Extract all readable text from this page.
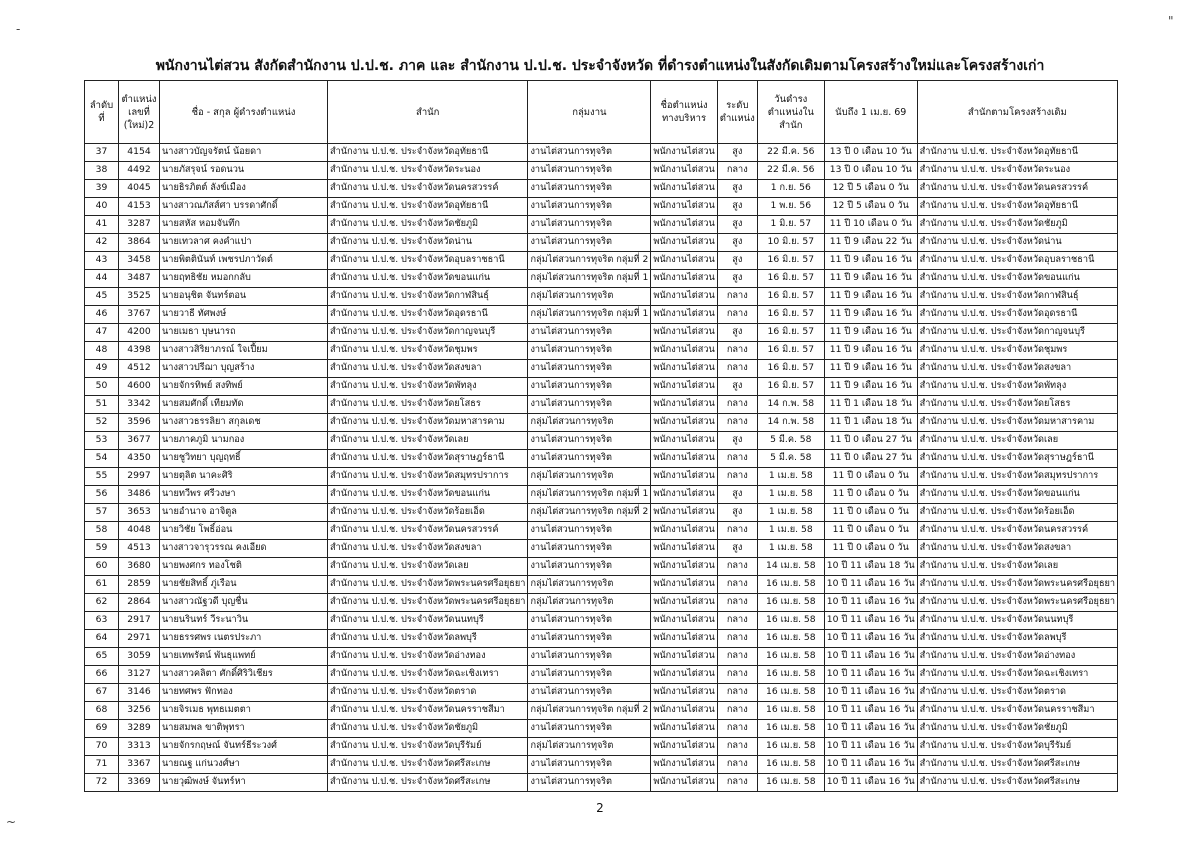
-
"
~
พนักงานไต่สวน สังกัดสำนักงาน ป.ป.ช. ภาค และ สำนักงาน ป.ป.ช. ประจำจังหวัด ที่ดำรงตำแหน่งในสังกัดเดิมตามโครงสร้างใหม่และโครงสร้างเก่า
ลำดับที่	ตำแหน่ง เลขที่ (ใหม่)2	ชื่อ - สกุล ผู้ดำรงตำแหน่ง	สำนัก	กลุ่มงาน	ชื่อตำแหน่ง ทางบริหาร	ระดับ ตำแหน่ง	วันดำรง ตำแหน่งใน สำนัก	นับถึง 1 เม.ย. 69	สำนักตามโครงสร้างเดิม
37	4154	นางสาวบัญจรัตน์ น้อยดา	สำนักงาน ป.ป.ช. ประจำจังหวัดอุทัยธานี	งานไต่สวนการทุจริต	พนักงานไต่สวน	สูง	22 มี.ค. 56	13 ปี 0 เดือน 10 วัน	สำนักงาน ป.ป.ช. ประจำจังหวัดอุทัยธานี
38	4492	นายภัสรุจน์ รอดนวน	สำนักงาน ป.ป.ช. ประจำจังหวัดระนอง	งานไต่สวนการทุจริต	พนักงานไต่สวน	กลาง	22 มี.ค. 56	13 ปี 0 เดือน 10 วัน	สำนักงาน ป.ป.ช. ประจำจังหวัดระนอง
39	4045	นายธิรภิตต์ ลังข์เมือง	สำนักงาน ป.ป.ช. ประจำจังหวัดนครสวรรค์	งานไต่สวนการทุจริต	พนักงานไต่สวน	สูง	1 ก.ย. 56	12 ปี 5 เดือน 0 วัน	สำนักงาน ป.ป.ช. ประจำจังหวัดนครสวรรค์
40	4153	นางสาวณภัสส์ศา บรรดาศักดิ์	สำนักงาน ป.ป.ช. ประจำจังหวัดอุทัยธานี	งานไต่สวนการทุจริต	พนักงานไต่สวน	สูง	1 พ.ย. 56	12 ปี 5 เดือน 0 วัน	สำนักงาน ป.ป.ช. ประจำจังหวัดอุทัยธานี
41	3287	นายสหัส หอมจันทึก	สำนักงาน ป.ป.ช. ประจำจังหวัดชัยภูมิ	งานไต่สวนการทุจริต	พนักงานไต่สวน	สูง	1 มิ.ย. 57	11 ปี 10 เดือน 0 วัน	สำนักงาน ป.ป.ช. ประจำจังหวัดชัยภูมิ
42	3864	นายเทวลาศ คงคำแปา	สำนักงาน ป.ป.ช. ประจำจังหวัดน่าน	งานไต่สวนการทุจริต	พนักงานไต่สวน	สูง	10 มิ.ย. 57	11 ปี 9 เดือน 22 วัน	สำนักงาน ป.ป.ช. ประจำจังหวัดน่าน
43	3458	นายพิตตินันท์ เพชรปภาวัดต์	สำนักงาน ป.ป.ช. ประจำจังหวัดอุบลราชธานี	กลุ่มไต่สวนการทุจริต กลุ่มที่ 2	พนักงานไต่สวน	สูง	16 มิ.ย. 57	11 ปี 9 เดือน 16 วัน	สำนักงาน ป.ป.ช. ประจำจังหวัดอุบลราชธานี
44	3487	นายฤทธิชัย หมอกกลับ	สำนักงาน ป.ป.ช. ประจำจังหวัดขอนแก่น	กลุ่มไต่สวนการทุจริต กลุ่มที่ 1	พนักงานไต่สวน	สูง	16 มิ.ย. 57	11 ปี 9 เดือน 16 วัน	สำนักงาน ป.ป.ช. ประจำจังหวัดขอนแก่น
45	3525	นายอนุชิต จันทร์ตอน	สำนักงาน ป.ป.ช. ประจำจังหวัดกาฬสินธุ์	กลุ่มไต่สวนการทุจริต	พนักงานไต่สวน	กลาง	16 มิ.ย. 57	11 ปี 9 เดือน 16 วัน	สำนักงาน ป.ป.ช. ประจำจังหวัดกาฬสินธุ์
46	3767	นายวาธี ทัศพงษ์	สำนักงาน ป.ป.ช. ประจำจังหวัดอุดรธานี	กลุ่มไต่สวนการทุจริต กลุ่มที่ 1	พนักงานไต่สวน	กลาง	16 มิ.ย. 57	11 ปี 9 เดือน 16 วัน	สำนักงาน ป.ป.ช. ประจำจังหวัดอุดรธานี
47	4200	นายเมธา บุษนารถ	สำนักงาน ป.ป.ช. ประจำจังหวัดกาญจนบุรี	งานไต่สวนการทุจริต	พนักงานไต่สวน	สูง	16 มิ.ย. 57	11 ปี 9 เดือน 16 วัน	สำนักงาน ป.ป.ช. ประจำจังหวัดกาญจนบุรี
48	4398	นางสาวสิริยาภรณ์ ใจเปี้ยม	สำนักงาน ป.ป.ช. ประจำจังหวัดชุมพร	งานไต่สวนการทุจริต	พนักงานไต่สวน	กลาง	16 มิ.ย. 57	11 ปี 9 เดือน 16 วัน	สำนักงาน ป.ป.ช. ประจำจังหวัดชุมพร
49	4512	นางสาวปรีฌา บุญสร้าง	สำนักงาน ป.ป.ช. ประจำจังหวัดสงขลา	งานไต่สวนการทุจริต	พนักงานไต่สวน	กลาง	16 มิ.ย. 57	11 ปี 9 เดือน 16 วัน	สำนักงาน ป.ป.ช. ประจำจังหวัดสงขลา
50	4600	นายจักรทิพย์ สงทิพย์	สำนักงาน ป.ป.ช. ประจำจังหวัดพัทลุง	งานไต่สวนการทุจริต	พนักงานไต่สวน	สูง	16 มิ.ย. 57	11 ปี 9 เดือน 16 วัน	สำนักงาน ป.ป.ช. ประจำจังหวัดพัทลุง
51	3342	นายสมศักดิ์ เทียมทัด	สำนักงาน ป.ป.ช. ประจำจังหวัดยโสธร	งานไต่สวนการทุจริต	พนักงานไต่สวน	กลาง	14 ก.พ. 58	11 ปี 1 เดือน 18 วัน	สำนักงาน ป.ป.ช. ประจำจังหวัดยโสธร
52	3596	นางสาวธรรลิยา สกุลเดช	สำนักงาน ป.ป.ช. ประจำจังหวัดมหาสารคาม	กลุ่มไต่สวนการทุจริต	พนักงานไต่สวน	กลาง	14 ก.พ. 58	11 ปี 1 เดือน 18 วัน	สำนักงาน ป.ป.ช. ประจำจังหวัดมหาสารคาม
53	3677	นายภาคภูมิ นามกอง	สำนักงาน ป.ป.ช. ประจำจังหวัดเลย	งานไต่สวนการทุจริต	พนักงานไต่สวน	สูง	5 มี.ค. 58	11 ปี 0 เดือน 27 วัน	สำนักงาน ป.ป.ช. ประจำจังหวัดเลย
54	4350	นายชูวิทยา บุญฤทธิ์	สำนักงาน ป.ป.ช. ประจำจังหวัดสุราษฎร์ธานี	งานไต่สวนการทุจริต	พนักงานไต่สวน	กลาง	5 มี.ค. 58	11 ปี 0 เดือน 27 วัน	สำนักงาน ป.ป.ช. ประจำจังหวัดสุราษฎร์ธานี
55	2997	นายตุลิต นาคะศิริ	สำนักงาน ป.ป.ช. ประจำจังหวัดสมุทรปราการ	กลุ่มไต่สวนการทุจริต	พนักงานไต่สวน	กลาง	1 เม.ย. 58	11 ปี 0 เดือน 0 วัน	สำนักงาน ป.ป.ช. ประจำจังหวัดสมุทรปราการ
56	3486	นายทวีพร ศรีวงษา	สำนักงาน ป.ป.ช. ประจำจังหวัดขอนแก่น	กลุ่มไต่สวนการทุจริต กลุ่มที่ 1	พนักงานไต่สวน	สูง	1 เม.ย. 58	11 ปี 0 เดือน 0 วัน	สำนักงาน ป.ป.ช. ประจำจังหวัดขอนแก่น
57	3653	นายอำนาจ อาจิตูล	สำนักงาน ป.ป.ช. ประจำจังหวัดร้อยเอ็ด	กลุ่มไต่สวนการทุจริต กลุ่มที่ 2	พนักงานไต่สวน	สูง	1 เม.ย. 58	11 ปี 0 เดือน 0 วัน	สำนักงาน ป.ป.ช. ประจำจังหวัดร้อยเอ็ด
58	4048	นายวิชัย โพธิ์อ่อน	สำนักงาน ป.ป.ช. ประจำจังหวัดนครสวรรค์	งานไต่สวนการทุจริต	พนักงานไต่สวน	กลาง	1 เม.ย. 58	11 ปี 0 เดือน 0 วัน	สำนักงาน ป.ป.ช. ประจำจังหวัดนครสวรรค์
59	4513	นางสาวจารุวรรณ คงเอียด	สำนักงาน ป.ป.ช. ประจำจังหวัดสงขลา	งานไต่สวนการทุจริต	พนักงานไต่สวน	สูง	1 เม.ย. 58	11 ปี 0 เดือน 0 วัน	สำนักงาน ป.ป.ช. ประจำจังหวัดสงขลา
60	3680	นายพงศกร ทองโชติ	สำนักงาน ป.ป.ช. ประจำจังหวัดเลย	งานไต่สวนการทุจริต	พนักงานไต่สวน	กลาง	14 เม.ย. 58	10 ปี 11 เดือน 18 วัน	สำนักงาน ป.ป.ช. ประจำจังหวัดเลย
61	2859	นายชัยสิทธิ์ ภู่เรือน	สำนักงาน ป.ป.ช. ประจำจังหวัดพระนครศรีอยุธยา	กลุ่มไต่สวนการทุจริต	พนักงานไต่สวน	กลาง	16 เม.ย. 58	10 ปี 11 เดือน 16 วัน	สำนักงาน ป.ป.ช. ประจำจังหวัดพระนครศรีอยุธยา
62	2864	นางสาวณัฐวดี บุญชื่น	สำนักงาน ป.ป.ช. ประจำจังหวัดพระนครศรีอยุธยา	กลุ่มไต่สวนการทุจริต	พนักงานไต่สวน	กลาง	16 เม.ย. 58	10 ปี 11 เดือน 16 วัน	สำนักงาน ป.ป.ช. ประจำจังหวัดพระนครศรีอยุธยา
63	2917	นายนรินทร์ วีระนาวิน	สำนักงาน ป.ป.ช. ประจำจังหวัดนนทบุรี	งานไต่สวนการทุจริต	พนักงานไต่สวน	กลาง	16 เม.ย. 58	10 ปี 11 เดือน 16 วัน	สำนักงาน ป.ป.ช. ประจำจังหวัดนนทบุรี
64	2971	นายธรรศพร เนตรประภา	สำนักงาน ป.ป.ช. ประจำจังหวัดลพบุรี	งานไต่สวนการทุจริต	พนักงานไต่สวน	กลาง	16 เม.ย. 58	10 ปี 11 เดือน 16 วัน	สำนักงาน ป.ป.ช. ประจำจังหวัดลพบุรี
65	3059	นายเทพรัตน์ พันธุแพทย์	สำนักงาน ป.ป.ช. ประจำจังหวัดอ่างทอง	งานไต่สวนการทุจริต	พนักงานไต่สวน	กลาง	16 เม.ย. 58	10 ปี 11 เดือน 16 วัน	สำนักงาน ป.ป.ช. ประจำจังหวัดอ่างทอง
66	3127	นางสาวคลิตา ศักดิ์ศิริวิเชียร	สำนักงาน ป.ป.ช. ประจำจังหวัดฉะเชิงเทรา	งานไต่สวนการทุจริต	พนักงานไต่สวน	กลาง	16 เม.ย. 58	10 ปี 11 เดือน 16 วัน	สำนักงาน ป.ป.ช. ประจำจังหวัดฉะเชิงเทรา
67	3146	นายทศพร ฟักทอง	สำนักงาน ป.ป.ช. ประจำจังหวัดตราด	งานไต่สวนการทุจริต	พนักงานไต่สวน	กลาง	16 เม.ย. 58	10 ปี 11 เดือน 16 วัน	สำนักงาน ป.ป.ช. ประจำจังหวัดตราด
68	3256	นายจิรเมธ พุทธเมตตา	สำนักงาน ป.ป.ช. ประจำจังหวัดนครราชสีมา	กลุ่มไต่สวนการทุจริต กลุ่มที่ 2	พนักงานไต่สวน	กลาง	16 เม.ย. 58	10 ปี 11 เดือน 16 วัน	สำนักงาน ป.ป.ช. ประจำจังหวัดนครราชสีมา
69	3289	นายสมพล ขาติพุทรา	สำนักงาน ป.ป.ช. ประจำจังหวัดชัยภูมิ	งานไต่สวนการทุจริต	พนักงานไต่สวน	กลาง	16 เม.ย. 58	10 ปี 11 เดือน 16 วัน	สำนักงาน ป.ป.ช. ประจำจังหวัดชัยภูมิ
70	3313	นายจักรกฤษณ์ จันทร์ธีระวงศ์	สำนักงาน ป.ป.ช. ประจำจังหวัดบุรีรัมย์	กลุ่มไต่สวนการทุจริต	พนักงานไต่สวน	กลาง	16 เม.ย. 58	10 ปี 11 เดือน 16 วัน	สำนักงาน ป.ป.ช. ประจำจังหวัดบุรีรัมย์
71	3367	นายณฐ แก่นวงศ์ษา	สำนักงาน ป.ป.ช. ประจำจังหวัดศรีสะเกษ	งานไต่สวนการทุจริต	พนักงานไต่สวน	กลาง	16 เม.ย. 58	10 ปี 11 เดือน 16 วัน	สำนักงาน ป.ป.ช. ประจำจังหวัดศรีสะเกษ
72	3369	นายวุฒิพงษ์ จันทร์หา	สำนักงาน ป.ป.ช. ประจำจังหวัดศรีสะเกษ	งานไต่สวนการทุจริต	พนักงานไต่สวน	กลาง	16 เม.ย. 58	10 ปี 11 เดือน 16 วัน	สำนักงาน ป.ป.ช. ประจำจังหวัดศรีสะเกษ
2
